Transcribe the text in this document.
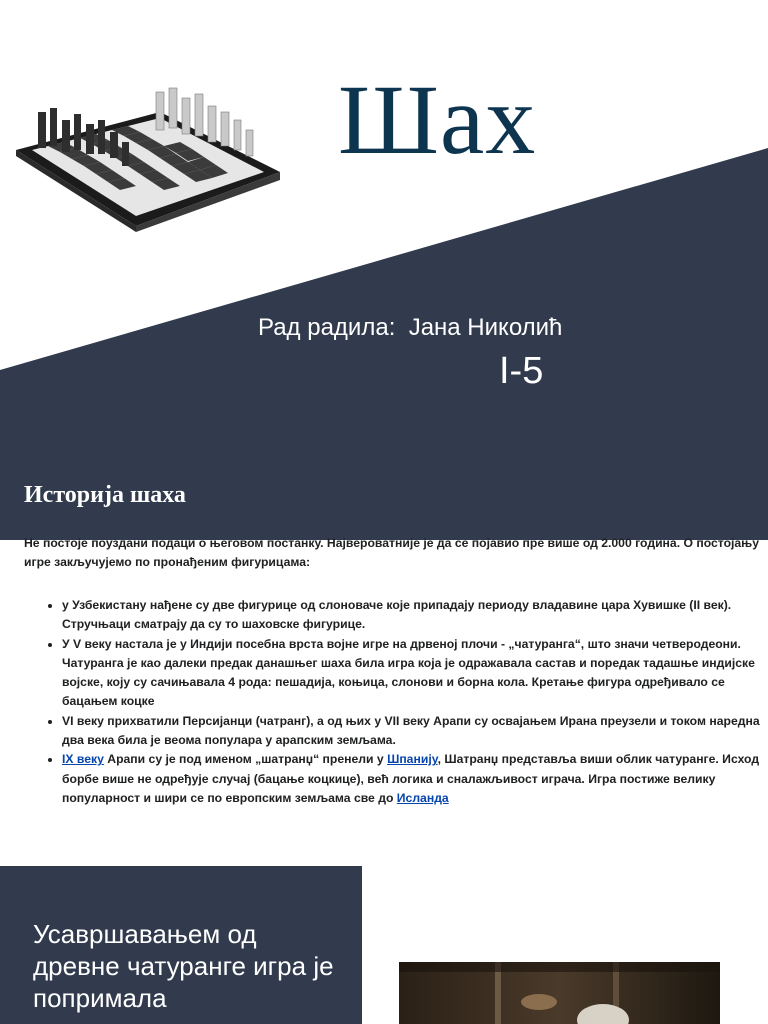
Шах
Рад радила:  Јана Николић
I-5
Историја шаха

Не постоје поуздани подаци о његовом постанку. Највероватније је да се појавио пре више од 2.000 година. О постојању игре закључујемо по пронађеним фигурицама:

• у Узбекистану нађене су две фигурице од слоноваче које припадају периоду владавине цара Хувишке (II век). Стручњаци сматрају да су то шаховске фигурице.
• У V веку настала је у Индији посебна врста војне игре на дрвеној плочи - „чатуранга“, што значи четверодеони. Чатуранга је као далеки предак данашњег шаха била игра која је одражавала састав и поредак тадашње индијске војске, коју су сачињавала 4 рода: пешадија, коњица, слонови и борна кола. Кретање фигура одређивало се бацањем коцке
• VI веку прихватили Персијанци (чатранг), а од њих у VII веку Арапи су освајањем Ирана преузели и током наредна два века била је веома популара у арапским земљама.
• IX веку Арапи су је под именом „шатранџ“ пренели у Шпанију, Шатранџ представља виши облик чатуранге. Исход борбе више не одређује случај (бацање коцкице), већ логика и сналажљивост играча. Игра постиже велику популарност и шири се по европским земљама све до Исланда

Усавршавањем од древне чатуранге игра је попримала
